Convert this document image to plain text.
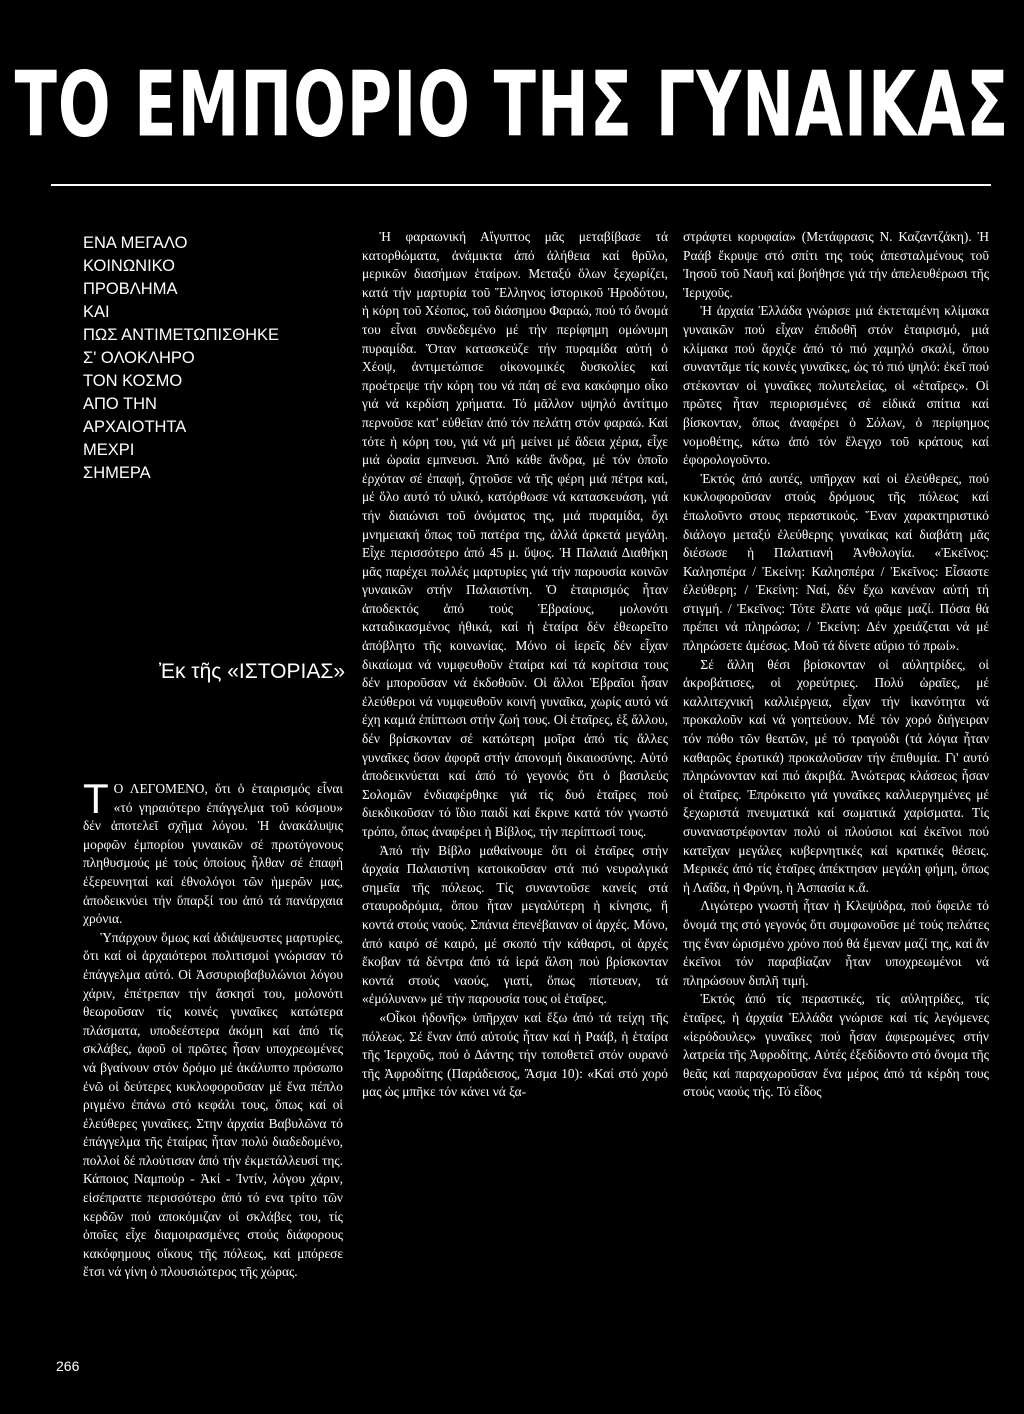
ΤΟ ΕΜΠΟΡΙΟ ΤΗΣ ΓΥΝΑΙΚΑΣ
ΕΝΑ ΜΕΓΑΛΟ
ΚΟΙΝΩΝΙΚΟ
ΠΡΟΒΛΗΜΑ
ΚΑΙ
ΠΩΣ ΑΝΤΙΜΕΤΩΠΙΣΘΗΚΕ
Σ' ΟΛΟΚΛΗΡΟ
ΤΟΝ ΚΟΣΜΟ
ΑΠΟ ΤΗΝ
ΑΡΧΑΙΟΤΗΤΑ
ΜΕΧΡΙ
ΣΗΜΕΡΑ
Ἐκ τῆς «ΙΣΤΟΡΙΑΣ»

Τ Ο ΛΕΓΟΜΕΝΟ, ὅτι ὁ ἑταιρισμός εἶναι «τό γηραιότερο ἐπάγγελμα τοῦ κόσμου» δέν ἀποτελεῖ σχῆμα λόγου. Ἡ ἀνακάλυψις μορφῶν ἐμπορίου γυναικῶν σέ πρωτόγονους πληθυσμούς μέ τούς ὁποίους ἦλθαν σέ ἐπαφή ἐξερευνηταί καί ἐθνολόγοι τῶν ἡμερῶν μας, ἀποδεικνύει τήν ὕπαρξί του ἀπό τά πανάρχαια χρόνια.

Ὑπάρχουν ὅμως καί ἀδιάψευστες μαρτυρίες, ὅτι καί οἱ ἀρχαιότεροι πολιτισμοί γνώρισαν τό ἐπάγγελμα αὐτό. Οἱ Ἀσσυριοβαβυλώνιοι λόγου χάριν, ἐπέτρεπαν τήν ἄσκησί του, μολονότι θεωροῦσαν τίς κοινές γυναῖκες κατώτερα πλάσματα, υποδεέστερα ἀκόμη καί ἀπό τίς σκλάβες, ἀφοῦ οἱ πρῶτες ἦσαν υποχρεωμένες νά βγαίνουν στόν δρόμο μέ ἀκάλυπτο πρόσωπο ἐνῶ οἱ δεύτερες κυκλοφοροῦσαν μέ ἕνα πέπλο ριγμένο ἐπάνω στό κεφάλι τους, ὅπως καί οἱ ἐλεύθερες γυναῖκες. Στην ἀρχαία Βαβυλῶνα τό ἐπάγγελμα τῆς ἑταίρας ἦταν πολύ διαδεδομένο, πολλοί δέ πλούτισαν ἀπό τήν ἐκμετάλλευσί της. Κάποιος Ναμπούρ - Ἀκί - Ἰντίν, λόγου χάριν, εἰσέπραττε περισσότερο ἀπό τό ενα τρίτο τῶν κερδῶν πού αποκόμιζαν οἱ σκλάβες του, τίς ὁποῖες εἶχε διαμοιρασμένες στούς διάφορους κακόφημους οἴκους τῆς πόλεως, καί μπόρεσε ἔτσι νά γίνη ὁ πλουσιώτερος τῆς χώρας.

Ἡ φαραωνική Αἴγυπτος μᾶς μεταβίβασε τά κατορθώματα, ἀνάμικτα ἀπό ἀλήθεια καί θρῦλο, μερικῶν διασήμων ἑταίρων. Μεταξύ ὅλων ξεχωρίζει, κατά τήν μαρτυρία τοῦ Ἕλληνος ἱστορικοῦ Ἡροδότου, ἡ κόρη τοῦ Χέοπος, τοῦ διάσημου Φαραώ, πού τό ὄνομά του εἶναι συνδεδεμένο μέ τήν περίφημη ομώνυμη πυραμίδα. Ὅταν κατασκεύζε τήν πυραμίδα αὐτή ὁ Χέοψ, ἀντιμετώπισε οἰκονομικές δυσκολίες καί προέτρεψε τήν κόρη του νά πάη σέ ενα κακόφημο οἶκο γιά νά κερδίση χρήματα. Τό μᾶλλον υψηλό ἀντίτιμο περνοῦσε κατ' εὐθεῖαν ἀπό τόν πελάτη στόν φαραώ. Καί τότε ἡ κόρη του, γιά νά μή μείνει μέ ἄδεια χέρια, εἶχε μιά ὡραία εμπνευσι. Ἀπό κάθε ἄνδρα, μέ τόν ὁποῖο ἐρχόταν σέ ἐπαφή, ζητοῦσε νά τῆς φέρη μιά πέτρα καί, μέ ὅλο αυτό τό υλικό, κατόρθωσε νά κατασκευάση, γιά τήν διαιώνισι τοῦ ὀνόματος της, μιά πυραμίδα, ὄχι μνημειακή ὅπως τοῦ πατέρα της, ἀλλά ἀρκετά μεγάλη. Εἶχε περισσότερο ἀπό 45 μ. ὕψος. Ἡ Παλαιά Διαθήκη μᾶς παρέχει πολλές μαρτυρίες γιά τήν παρουσία κοινῶν γυναικῶν στήν Παλαιστίνη. Ὁ ἑταιρισμός ἦταν ἀποδεκτός ἀπό τούς Ἑβραίους, μολονότι καταδικασμένος ἠθικά, καί ἡ ἑταίρα δέν ἐθεωρεῖτο ἀπόβλητο τῆς κοινωνίας. Μόνο οἱ ἱερεῖς δέν εἶχαν δικαίωμα νά νυμφευθοῦν ἑταίρα καί τά κορίτσια τους δέν μποροῦσαν νά ἐκδοθοῦν. Οἱ ἄλλοι Ἑβραῖοι ἦσαν ἐλεύθεροι νά νυμφευθοῦν κοινή γυναῖκα, χωρίς αυτό νά έχη καμιά ἐπίπτωσι στήν ζωή τους. Οἱ ἑταῖρες, ἐξ ἄλλου, δέν βρίσκονταν σέ κατώτερη μοῖρα ἀπό τίς ἄλλες γυναῖκες ὅσον ἀφορᾶ στήν ἀπονομή δικαιοσύνης. Αὐτό ἀποδεικνύεται καί ἀπό τό γεγονός ὅτι ὁ βασιλεύς Σολομῶν ἐνδιαφέρθηκε γιά τίς δυό ἑταῖρες πού διεκδικοῦσαν τό ἴδιο παιδί καί ἔκρινε κατά τόν γνωστό τρόπο, ὅπως ἀναφέρει ἡ Βίβλος, τήν περίπτωσί τους.

Ἀπό τήν Βίβλο μαθαίνουμε ὅτι οἱ ἑταῖρες στήν ἀρχαία Παλαιστίνη κατοικοῦσαν στά πιό νευραλγικά σημεῖα τῆς πόλεως. Τίς συναντοῦσε κανείς στά σταυροδρόμια, ὅπου ἦταν μεγαλύτερη ἡ κίνησις, ἤ κοντά στούς ναούς. Σπάνια ἐπενέβαιναν οἱ ἀρχές. Μόνο, ἀπό καιρό σέ καιρό, μέ σκοπό τήν κάθαρσι, οἱ ἀρχές ἔκοβαν τά δέντρα ἀπό τά ἱερά ἄλση πού βρίσκονταν κοντά στούς ναούς, γιατί, ὅπως πίστευαν, τά «ἐμόλυναν» μέ τήν παρουσία τους οἱ ἑταῖρες.

«Οἶκοι ἡδονῆς» ὑπῆρχαν καί ἔξω ἀπό τά τείχη τῆς πόλεως. Σέ ἕναν ἀπό αὐτούς ἦταν καί ἡ Ραάβ, ἡ ἑταίρα τῆς Ἱεριχοῦς, πού ὁ Δάντης τήν τοποθετεῖ στόν ουρανό τῆς Ἀφροδίτης (Παράδεισος, Ἄσμα 10): «Καί στό χορό μας ὡς μπῆκε τόν κάνει νά ξα-

στράφτει κορυφαία» (Μετάφρασις Ν. Καζαντζάκη). Ἡ Ραάβ ἔκρυψε στό σπίτι της τούς ἀπεσταλμένους τοῦ Ἰησοῦ τοῦ Ναυῆ καί βοήθησε γιά τήν ἀπελευθέρωσι τῆς Ἱεριχοῦς.

Ἡ ἀρχαία Ἑλλάδα γνώρισε μιά ἐκτεταμένη κλίμακα γυναικῶν πού εἶχαν ἐπιδοθῆ στόν ἑταιρισμό, μιά κλίμακα πού ἄρχιζε ἀπό τό πιό χαμηλό σκαλί, ὅπου συναντᾶμε τίς κοινές γυναῖκες, ὡς τό πιό ψηλό: ἐκεῖ πού στέκονταν οἱ γυναῖκες πολυτελείας, οἱ «ἑταῖρες». Οἱ πρῶτες ἦταν περιορισμένες σέ εἰδικά σπίτια καί βίσκονταν, ὅπως ἀναφέρει ὁ Σόλων, ὁ περίφημος νομοθέτης, κάτω ἀπό τόν ἔλεγχο τοῦ κράτους καί ἐφορολογοῦντο.

Ἐκτός ἀπό αυτές, υπῆρχαν καί οἱ ἐλεύθερες, πού κυκλοφοροῦσαν στούς δρόμους τῆς πόλεως καί ἐπωλοῦντο στους περαστικούς. Ἕναν χαρακτηριστικό διάλογο μεταξύ ἐλεύθερης γυναίκας καί διαβάτη μᾶς διέσωσε ἡ Παλατιανή Ἀνθολογία. «Ἐκεῖνος: Καλησπέρα / Ἐκείνη: Καλησπέρα / Ἐκεῖνος: Εἶσαστε ἐλεύθερη; / Ἐκείνη: Ναί, δέν ἔχω κανέναν αὐτή τή στιγμή. / Ἐκεῖνος: Τότε ἔλατε νά φᾶμε μαζί. Πόσα θά πρέπει νά πληρώσω; / Ἐκείνη: Δέν χρειάζεται νά μέ πληρώσετε ἀμέσως. Μοῦ τά δίνετε αὔριο τό πρωί».

Σέ ἄλλη θέσι βρίσκονταν οἱ αὐλητρίδες, οἱ ἀκροβάτισες, οἱ χορεύτριες. Πολύ ὡραῖες, μέ καλλιτεχνική καλλιέργεια, εἶχαν τήν ἱκανότητα νά προκαλοῦν καί νά γοητεύουν. Μέ τόν χορό διήγειραν τόν πόθο τῶν θεατῶν, μέ τό τραγούδι (τά λόγια ἦταν καθαρῶς ἐρωτικά) προκαλοῦσαν τήν ἐπιθυμία. Γι' αυτό πληρώνονταν καί πιό ἀκριβά. Ἀνώτερας κλάσεως ἦσαν οἱ ἑταῖρες. Ἐπρόκειτο γιά γυναῖκες καλλιεργημένες μέ ξεχωριστά πνευματικά καί σωματικά χαρίσματα. Τίς συναναστρέφονταν πολύ οἱ πλούσιοι καί ἐκεῖνοι πού κατεῖχαν μεγάλες κυβερνητικές καί κρατικές θέσεις. Μερικές ἀπό τίς ἑταῖρες ἀπέκτησαν μεγάλη φήμη, ὅπως ἡ Λαΐδα, ἡ Φρύνη, ἡ Ἀσπασία κ.ἄ.

Λιγώτερο γνωστή ἦταν ἡ Κλεψύδρα, πού ὄφειλε τό ὄνομά της στό γεγονός ὅτι συμφωνοῦσε μέ τούς πελάτες της ἕναν ὡρισμένο χρόνο πού θά ἔμεναν μαζί της, καί ἄν ἐκεῖνοι τόν παραβίαζαν ἦταν υποχρεωμένοι νά πληρώσουν διπλῆ τιμή.

Ἐκτός ἀπό τίς περαστικές, τίς αὐλητρίδες, τίς ἑταῖρες, ἡ ἀρχαία Ἑλλάδα γνώρισε καί τίς λεγόμενες «ἱερόδουλες» γυναῖκες πού ἦσαν ἀφιερωμένες στήν λατρεία τῆς Ἀφροδίτης. Αὐτές ἐξεδίδοντο στό ὄνομα τῆς θεᾶς καί παραχωροῦσαν ἕνα μέρος ἀπό τά κέρδη τους στούς ναούς τής. Τό εἶδος

266
